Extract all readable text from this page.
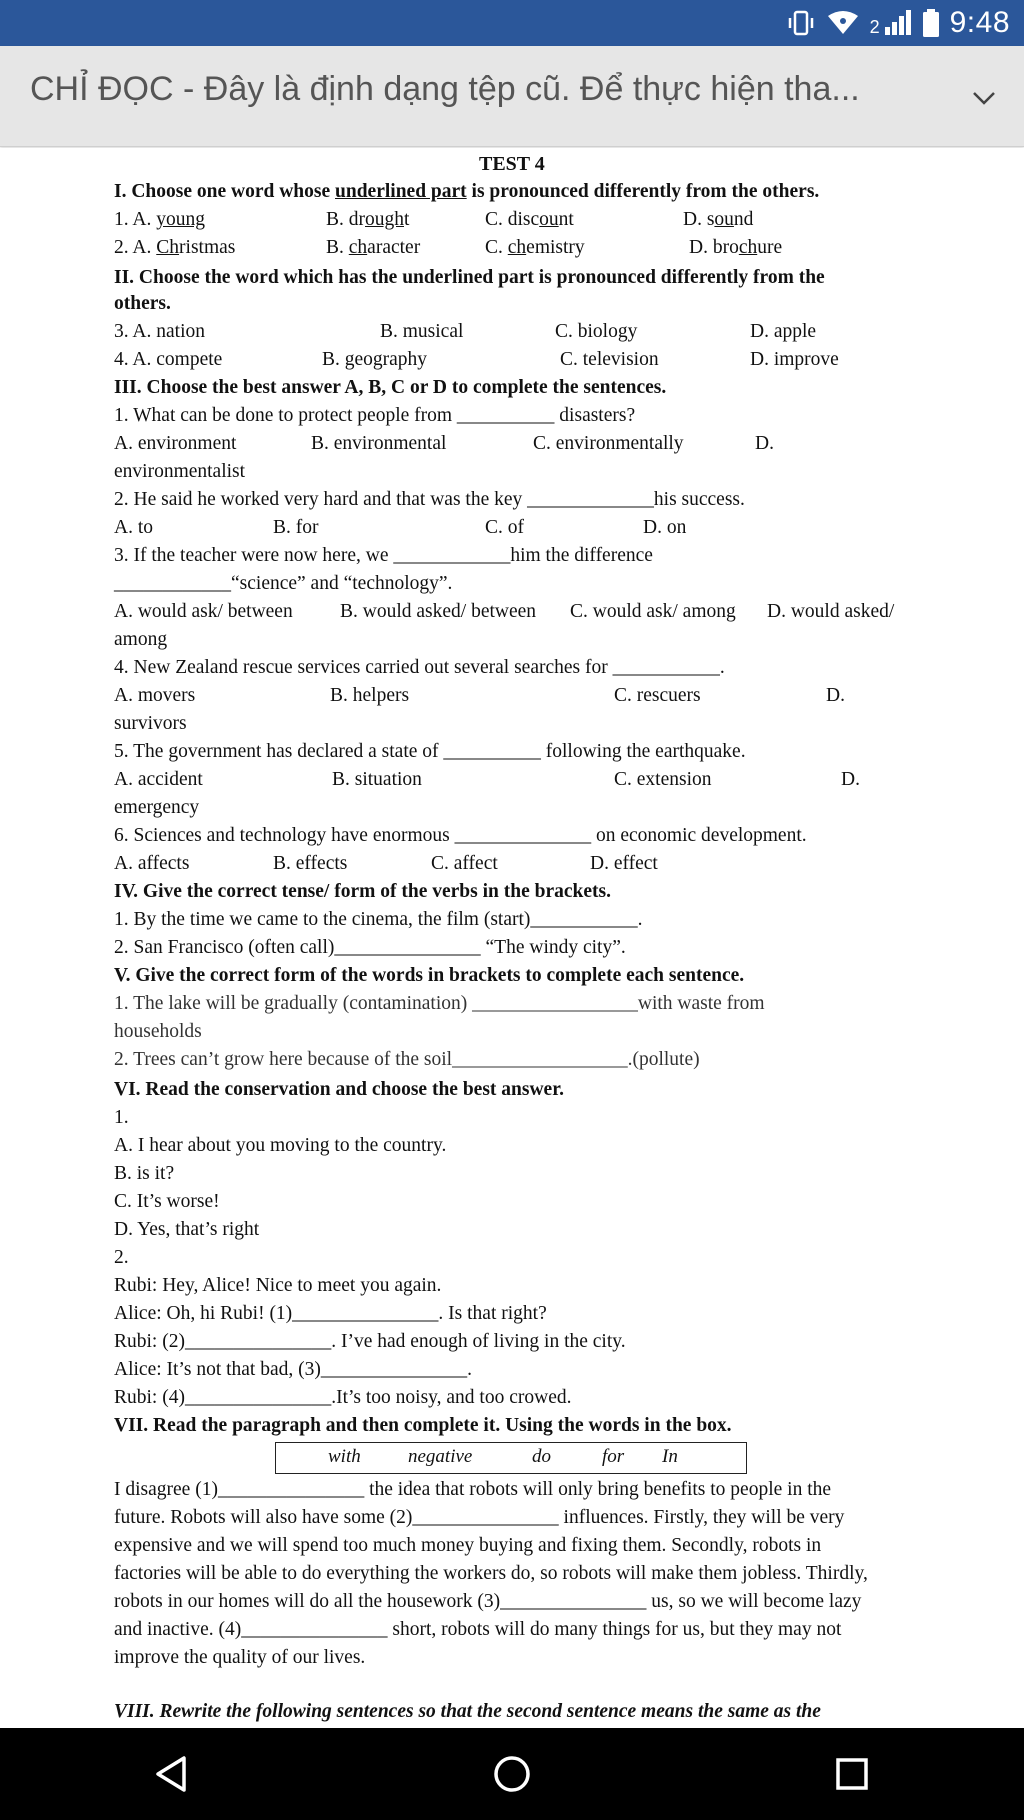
2 9:48
CHỈ ĐỌC - Đây là định dạng tệp cũ. Để thực hiện tha...
TEST 4
I. Choose one word whose underlined part is pronounced differently from the others.
1. A. young	B. drought	C. discount	D. sound
2. A. Christmas	B. character	C. chemistry	D. brochure
II. Choose the word which has the underlined part is pronounced differently from the
others.
3. A. nation	B. musical	C. biology	D. apple
4. A. compete	B. geography	C. television	D. improve
III. Choose the best answer A, B, C or D to complete the sentences.
1. What can be done to protect people from __________ disasters?
A. environment	B. environmental	C. environmentally	D.
environmentalist
2. He said he worked very hard and that was the key _____________his success.
A. to	B. for	C. of	D. on
3. If the teacher were now here, we ____________him the difference
____________“science” and “technology”.
A. would ask/ between B. would asked/ between C. would ask/ among D. would asked/
among
4. New Zealand rescue services carried out several searches for ___________.
A. movers	B. helpers	C. rescuers	D.
survivors
5. The government has declared a state of __________ following the earthquake.
A. accident	B. situation	C. extension	D.
emergency
6. Sciences and technology have enormous ______________ on economic development.
A. affects	B. effects	C. affect	D. effect
IV. Give the correct tense/ form of the verbs in the brackets.
1. By the time we came to the cinema, the film (start)___________.
2. San Francisco (often call)_______________ “The windy city”.
V. Give the correct form of the words in brackets to complete each sentence.
1. The lake will be gradually (contamination) _________________with waste from
households
2. Trees can’t grow here because of the soil__________________.(pollute)
VI. Read the conservation and choose the best answer.
1.
A. I hear about you moving to the country.
B. is it?
C. It’s worse!
D. Yes, that’s right
2.
Rubi: Hey, Alice! Nice to meet you again.
Alice: Oh, hi Rubi! (1)_______________. Is that right?
Rubi: (2)_______________. I’ve had enough of living in the city.
Alice: It’s not that bad, (3)_______________.
Rubi: (4)_______________.It’s too noisy, and too crowed.
VII. Read the paragraph and then complete it. Using the words in the box.
with negative	do	for In
I disagree (1)_______________ the idea that robots will only bring benefits to people in the
future. Robots will also have some (2)_______________ influences. Firstly, they will be very
expensive and we will spend too much money buying and fixing them. Secondly, robots in
factories will be able to do everything the workers do, so robots will make them jobless. Thirdly,
robots in our homes will do all the housework (3)_______________ us, so we will become lazy
and inactive. (4)_______________ short, robots will do many things for us, but they may not
improve the quality of our lives.
VIII. Rewrite the following sentences so that the second sentence means the same as the
